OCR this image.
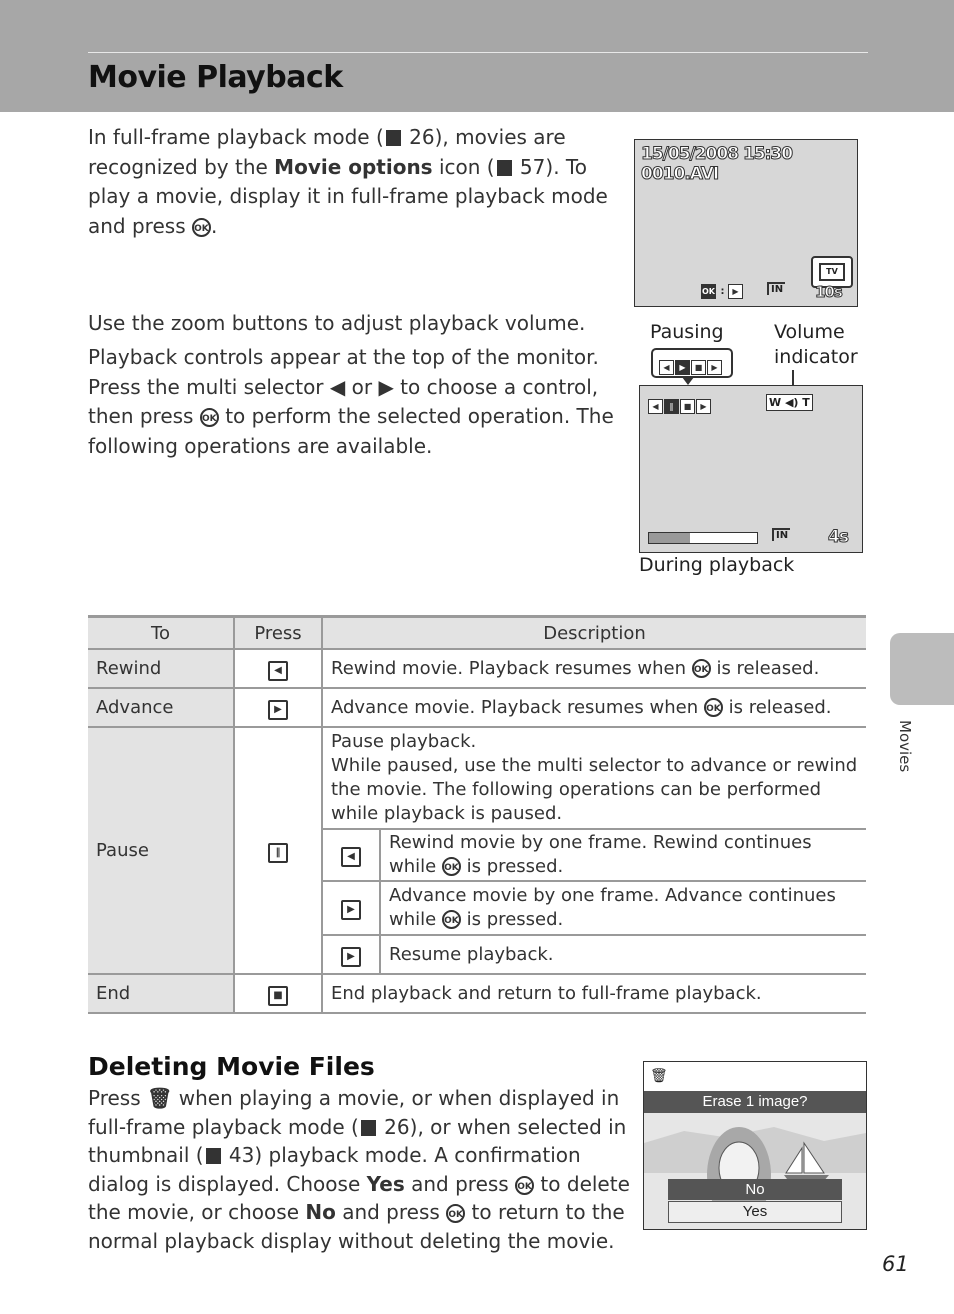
Movie Playback
In full-frame playback mode ( 26), movies are recognized by the Movie options icon ( 57). To play a movie, display it in full-frame playback mode and press OK .
Use the zoom buttons to adjust playback volume.
Playback controls appear at the top of the monitor. Press the multi selector ◀ or ▶ to choose a control, then press OK to perform the selected operation. The following operations are available.
15/05/2008 15:30
0010.AVI
TV
OK : ▶	IN 10s
Pausing	Volume
indicator
◀ ▶ ■ ▶
◀ ‖ ■ ▶	W ◀) T
IN 4s
During playback
To	Press	Description	
Rewind	◀	Rewind movie. Playback resumes when OK is released.	
Advance	▶	Advance movie. Playback resumes when OK is released.	
Pause	‖	Pause playback.
While paused, use the multi selector to advance or rewind the movie. The following operations can be performed while playback is paused.	

		◀	Rewind movie by one frame. Rewind continues while OK is pressed.
		▶	Advance movie by one frame. Advance continues while OK is pressed.
		▶	Resume playback.
End	■	End playback and return to full-frame playback.	
Movies
Deleting Movie Files
Press 🗑 when playing a movie, or when displayed in full-frame playback mode ( 26), or when selected in thumbnail ( 43) playback mode. A confirmation dialog is displayed. Choose Yes and press OK to delete the movie, or choose No and press OK to return to the normal playback display without deleting the movie.
🗑
Erase 1 image?
No
Yes
61
